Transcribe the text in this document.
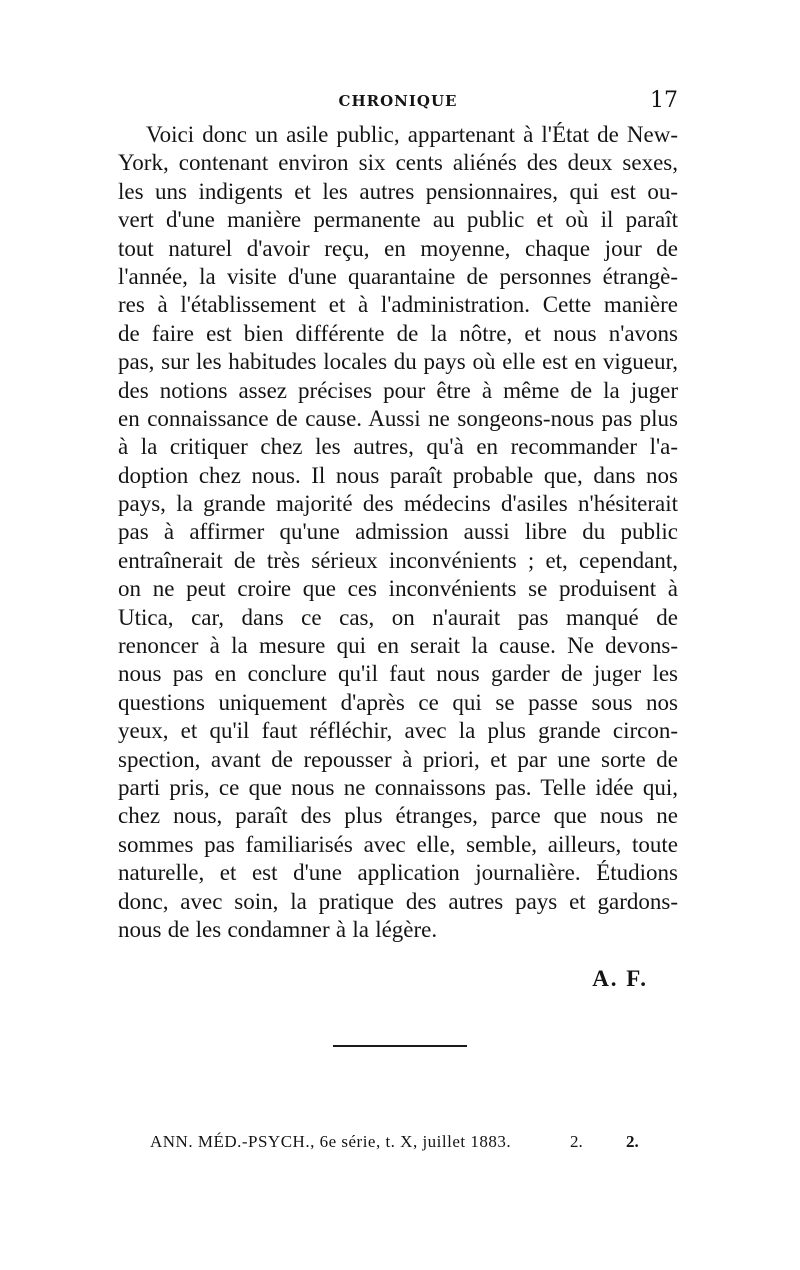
CHRONIQUE	17
Voici donc un asile public, appartenant à l'État de New-
York, contenant environ six cents aliénés des deux sexes,
les uns indigents et les autres pensionnaires, qui est ou-
vert d'une manière permanente au public et où il paraît
tout naturel d'avoir reçu, en moyenne, chaque jour de
l'année, la visite d'une quarantaine de personnes étrangè-
res à l'établissement et à l'administration. Cette manière
de faire est bien différente de la nôtre, et nous n'avons
pas, sur les habitudes locales du pays où elle est en vigueur,
des notions assez précises pour être à même de la juger
en connaissance de cause. Aussi ne songeons-nous pas plus
à la critiquer chez les autres, qu'à en recommander l'a-
doption chez nous. Il nous paraît probable que, dans nos
pays, la grande majorité des médecins d'asiles n'hésiterait
pas à affirmer qu'une admission aussi libre du public
entraînerait de très sérieux inconvénients ; et, cependant,
on ne peut croire que ces inconvénients se produisent à
Utica, car, dans ce cas, on n'aurait pas manqué de
renoncer à la mesure qui en serait la cause. Ne devons-
nous pas en conclure qu'il faut nous garder de juger les
questions uniquement d'après ce qui se passe sous nos
yeux, et qu'il faut réfléchir, avec la plus grande circon-
spection, avant de repousser à priori, et par une sorte de
parti pris, ce que nous ne connaissons pas. Telle idée qui,
chez nous, paraît des plus étranges, parce que nous ne
sommes pas familiarisés avec elle, semble, ailleurs, toute
naturelle, et est d'une application journalière. Étudions
donc, avec soin, la pratique des autres pays et gardons-
nous de les condamner à la légère.
A. F.
ANN. MÉD.-PSYCH., 6e série, t. X, juillet 1883.	2.	2.
